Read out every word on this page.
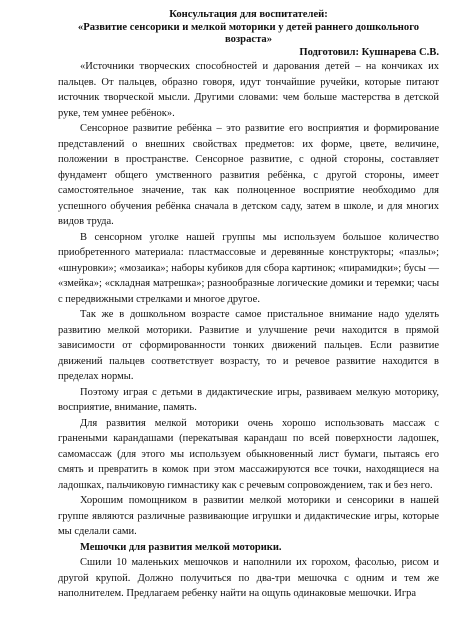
Консультация для воспитателей:

«Развитие сенсорики и мелкой моторики у детей раннего дошкольного возраста»

Подготовил: Кушнарева С.В.

«Источники творческих способностей и дарования детей – на кончиках их пальцев. От пальцев, образно говоря, идут тончайшие ручейки, которые питают источник творческой мысли. Другими словами: чем больше мастерства в детской руке, тем умнее ребёнок».

Сенсорное развитие ребёнка – это развитие его восприятия и формирование представлений о внешних свойствах предметов: их форме, цвете, величине, положении в пространстве. Сенсорное развитие, с одной стороны, составляет фундамент общего умственного развития ребёнка, с другой стороны, имеет самостоятельное значение, так как полноценное восприятие необходимо для успешного обучения ребёнка сначала в детском саду, затем в школе, и для многих видов труда.

В сенсорном уголке нашей группы мы используем большое количество приобретенного материала: пластмассовые и деревянные конструкторы; «пазлы»; «шнуровки»; «мозаика»; наборы кубиков для сбора картинок; «пирамидки»; бусы — «змейка»; «складная матрешка»; разнообразные логические домики и теремки; часы с передвижными стрелками и многое другое.

Так же в дошкольном возрасте самое пристальное внимание надо уделять развитию мелкой моторики. Развитие и улучшение речи находится в прямой зависимости от сформированности тонких движений пальцев. Если развитие движений пальцев соответствует возрасту, то и речевое развитие находится в пределах нормы.

Поэтому играя с детьми в дидактические игры, развиваем мелкую моторику, восприятие, внимание, память.

Для развития мелкой моторики очень хорошо использовать массаж с гранеными карандашами (перекатывая карандаш по всей поверхности ладошек, самомассаж (для этого мы используем обыкновенный лист бумаги, пытаясь его смять и превратить в комок при этом массажируются все точки, находящиеся на ладошках, пальчиковую гимнастику как с речевым сопровождением, так и без него.

Хорошим помощником в развитии мелкой моторики и сенсорики в нашей группе являются различные развивающие игрушки и дидактические игры, которые мы сделали сами.

Мешочки для развития мелкой моторики.

Сшили 10 маленьких мешочков и наполнили их горохом, фасолью, рисом и другой крупой. Должно получиться по два-три мешочка с одним и тем же наполнителем. Предлагаем ребенку найти на ощупь одинаковые мешочки. Игра
